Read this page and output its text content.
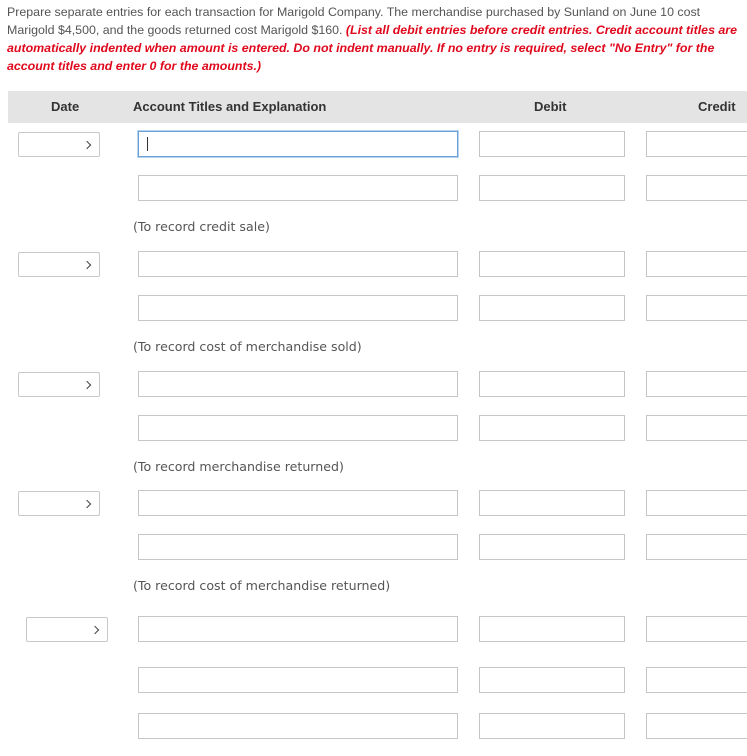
Prepare separate entries for each transaction for Marigold Company. The merchandise purchased by Sunland on June 10 cost Marigold $4,500, and the goods returned cost Marigold $160. (List all debit entries before credit entries. Credit account titles are automatically indented when amount is entered. Do not indent manually. If no entry is required, select "No Entry" for the account titles and enter 0 for the amounts.)
Date	Account Titles and Explanation	Debit	Credit
(To record credit sale)
(To record cost of merchandise sold)
(To record merchandise returned)
(To record cost of merchandise returned)
